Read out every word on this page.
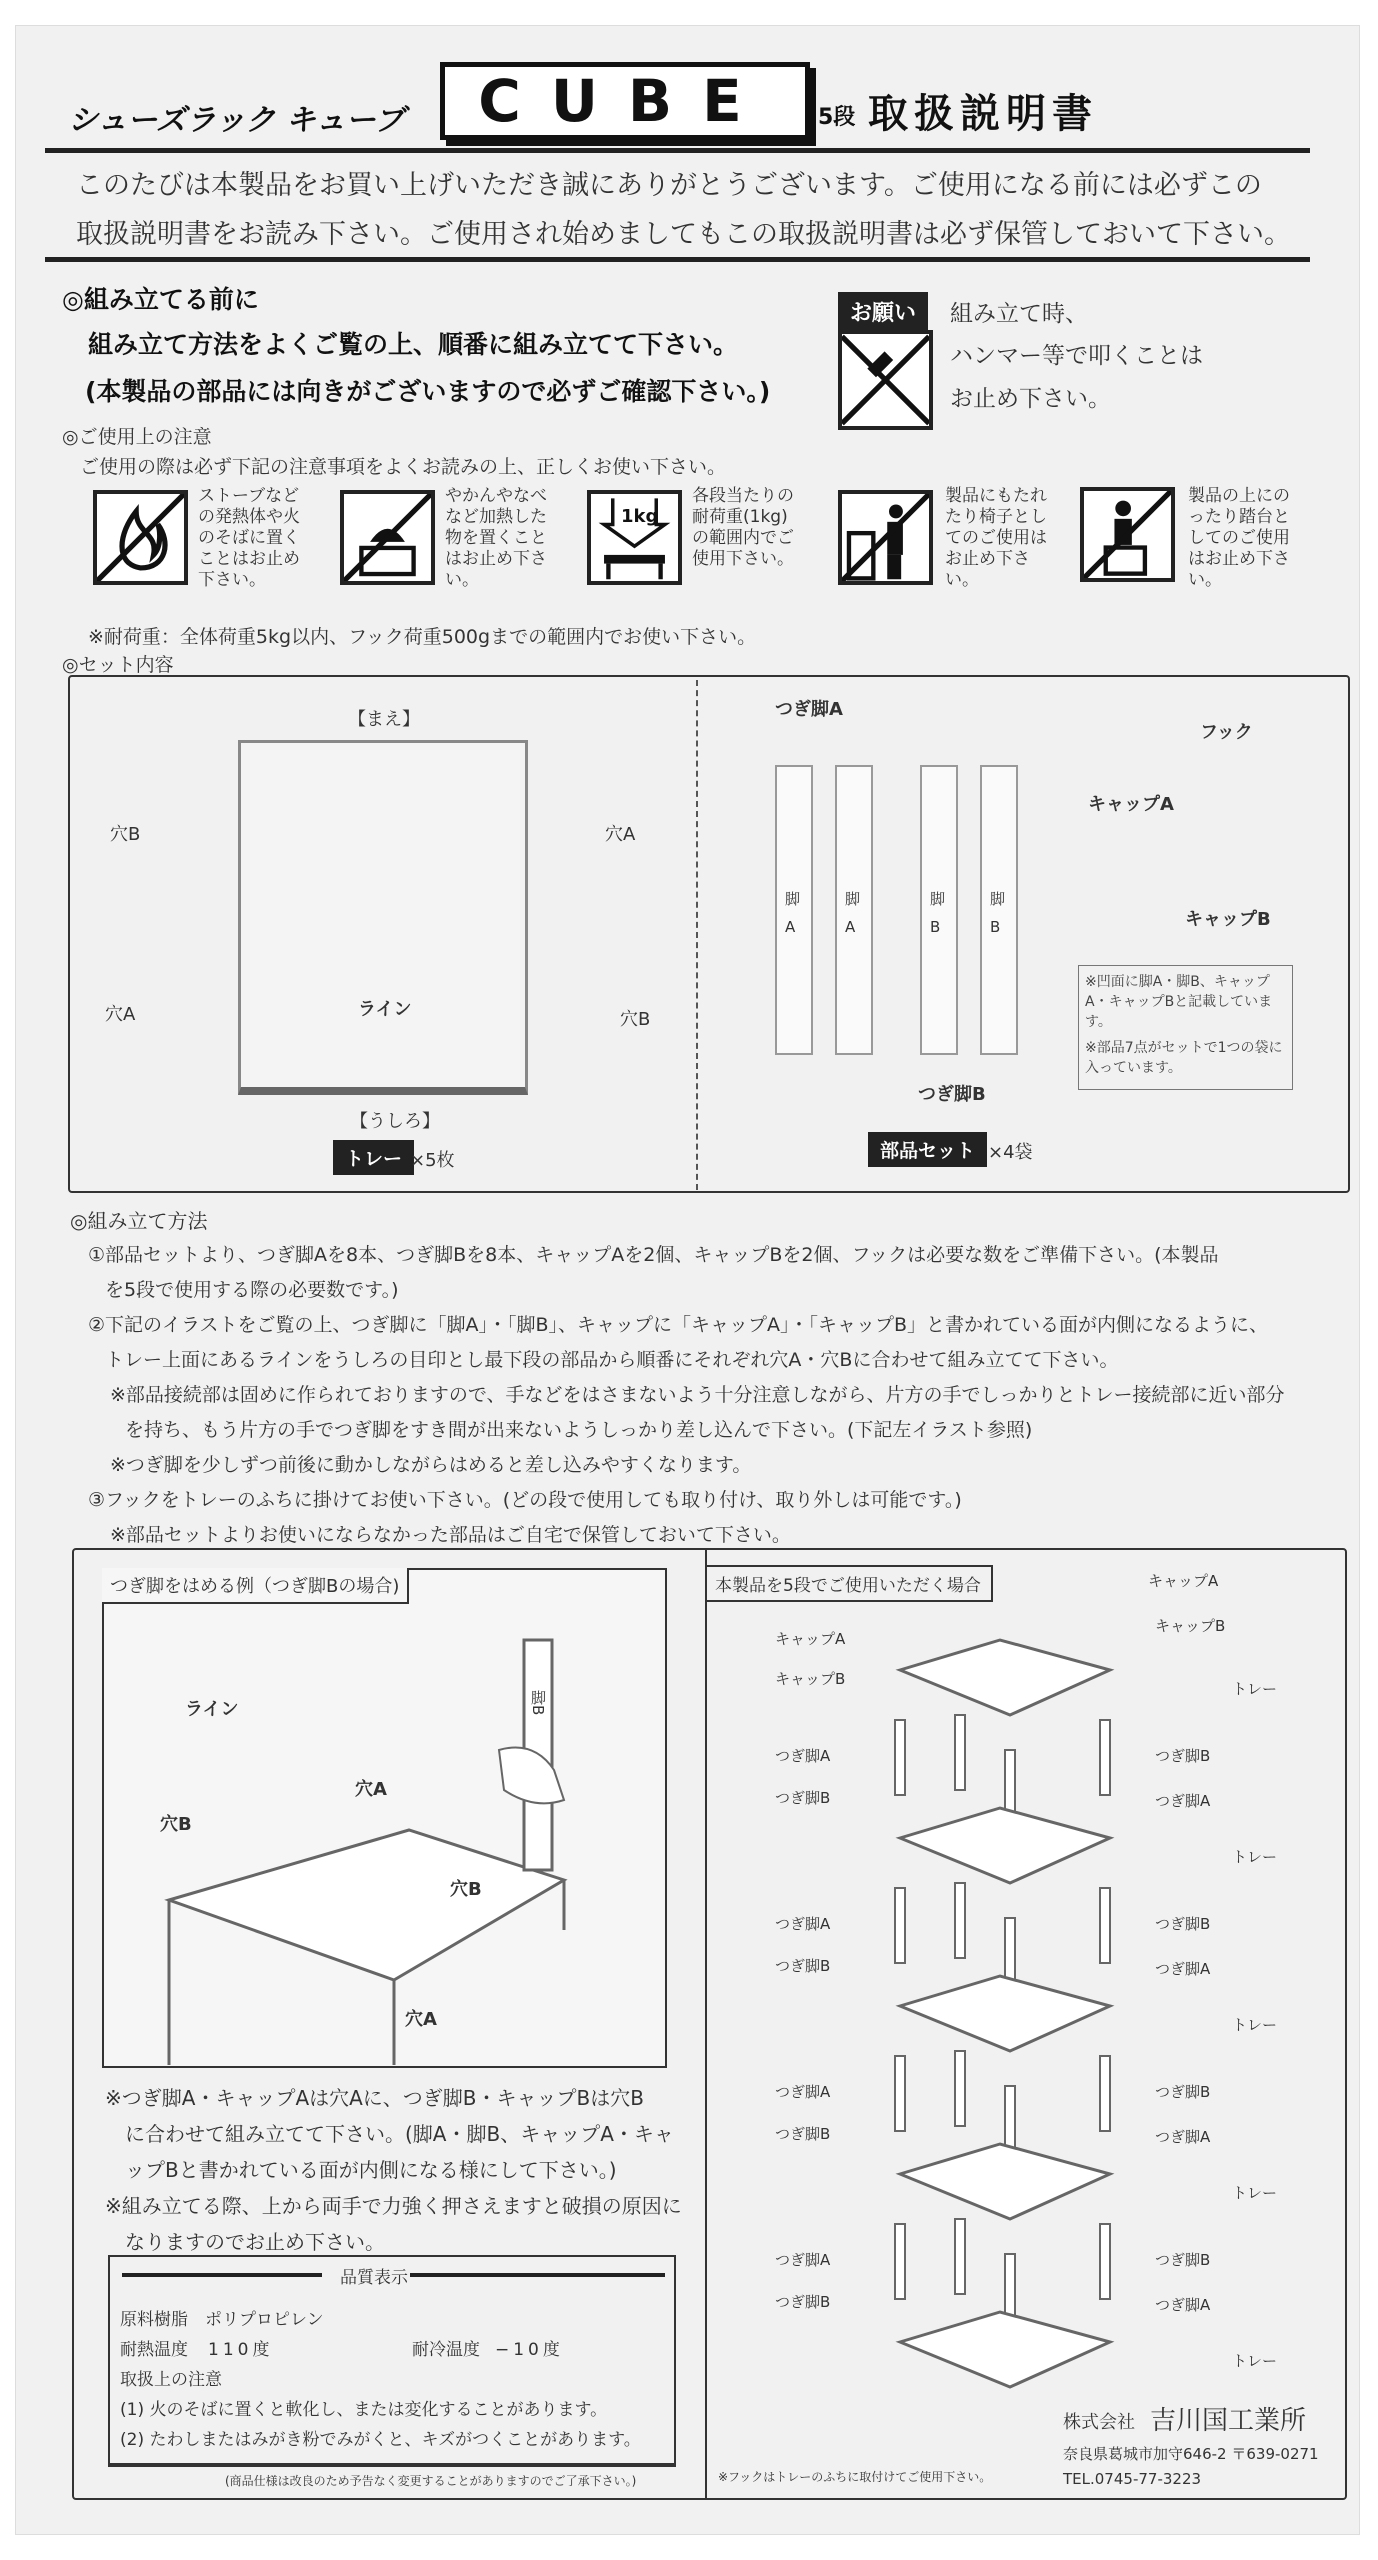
シューズラック キューブ	CUBE	5段 取扱説明書
このたびは本製品をお買い上げいただき誠にありがとうございます。ご使用になる前には必ずこの
取扱説明書をお読み下さい。ご使用され始めましてもこの取扱説明書は必ず保管しておいて下さい。
◎組み立てる前に
組み立て方法をよくご覧の上、順番に組み立てて下さい。
(本製品の部品には向きがございますので必ずご確認下さい。)
お願い	組み立て時、
ハンマー等で叩くことは
お止め下さい。
◎ご使用上の注意
ご使用の際は必ず下記の注意事項をよくお読みの上、正しくお使い下さい。
ストーブなどの発熱体や火のそばに置くことはお止め下さい。
やかんやなべなど加熱した物を置くことはお止め下さい。
1kg
各段当たりの耐荷重(1kg)の範囲内でご使用下さい。
製品にもたれたり椅子としてのご使用はお止め下さい。
製品の上にのったり踏台としてのご使用はお止め下さい。
※耐荷重：全体荷重5kg以内、フック荷重500gまでの範囲内でお使い下さい。
◎セット内容
【まえ】
穴B	穴A
穴A	穴B
ライン
【うしろ】
トレー ×5枚
つぎ脚A
脚
A
脚
A
脚
B
脚
B
つぎ脚B
フック
キャップA
キャップB
※凹面に脚A・脚B、キャップA・キャップBと記載しています。
※部品7点がセットで1つの袋に入っています。
部品セット ×4袋
◎組み立て方法
①部品セットより、つぎ脚Aを8本、つぎ脚Bを8本、キャップAを2個、キャップBを2個、フックは必要な数をご準備下さい。(本製品
を5段で使用する際の必要数です。)
②下記のイラストをご覧の上、つぎ脚に「脚A」・「脚B」、キャップに「キャップA」・「キャップB」と書かれている面が内側になるように、
トレー上面にあるラインをうしろの目印とし最下段の部品から順番にそれぞれ穴A・穴Bに合わせて組み立てて下さい。
※部品接続部は固めに作られておりますので、手などをはさまないよう十分注意しながら、片方の手でしっかりとトレー接続部に近い部分
を持ち、もう片方の手でつぎ脚をすき間が出来ないようしっかり差し込んで下さい。(下記左イラスト参照)
※つぎ脚を少しずつ前後に動かしながらはめると差し込みやすくなります。
③フックをトレーのふちに掛けてお使い下さい。(どの段で使用しても取り付け、取り外しは可能です。)
※部品セットよりお使いにならなかった部品はご自宅で保管しておいて下さい。
つぎ脚をはめる例（つぎ脚Bの場合)
ライン
穴A
穴B
穴B
穴A
脚B
※つぎ脚A・キャップAは穴Aに、つぎ脚B・キャップBは穴B
に合わせて組み立てて下さい。(脚A・脚B、キャップA・キャ
ップBと書かれている面が内側になる様にして下さい。)
※組み立てる際、上から両手で力強く押さえますと破損の原因に
なりますのでお止め下さい。
品質表示
原料樹脂 ポリプロピレン
耐熱温度 110度	耐冷温度 −10度
取扱上の注意
(1) 火のそばに置くと軟化し、または変化することがあります。
(2) たわしまたはみがき粉でみがくと、キズがつくことがあります。
(商品仕様は改良のため予告なく変更することがありますのでご了承下さい。)
本製品を5段でご使用いただく場合	キャップA
キャップB
キャップA
キャップB
トレー
トレー
トレー
トレー
トレー
つぎ脚A
つぎ脚B
つぎ脚B
つぎ脚A
つぎ脚A
つぎ脚B
つぎ脚B
つぎ脚A
つぎ脚A
つぎ脚B
つぎ脚B
つぎ脚A
つぎ脚A
つぎ脚B
つぎ脚B
つぎ脚A
※フックはトレーのふちに取付けてご使用下さい。
株式会社 吉川国工業所
奈良県葛城市加守646-2 〒639-0271
TEL.0745-77-3223
